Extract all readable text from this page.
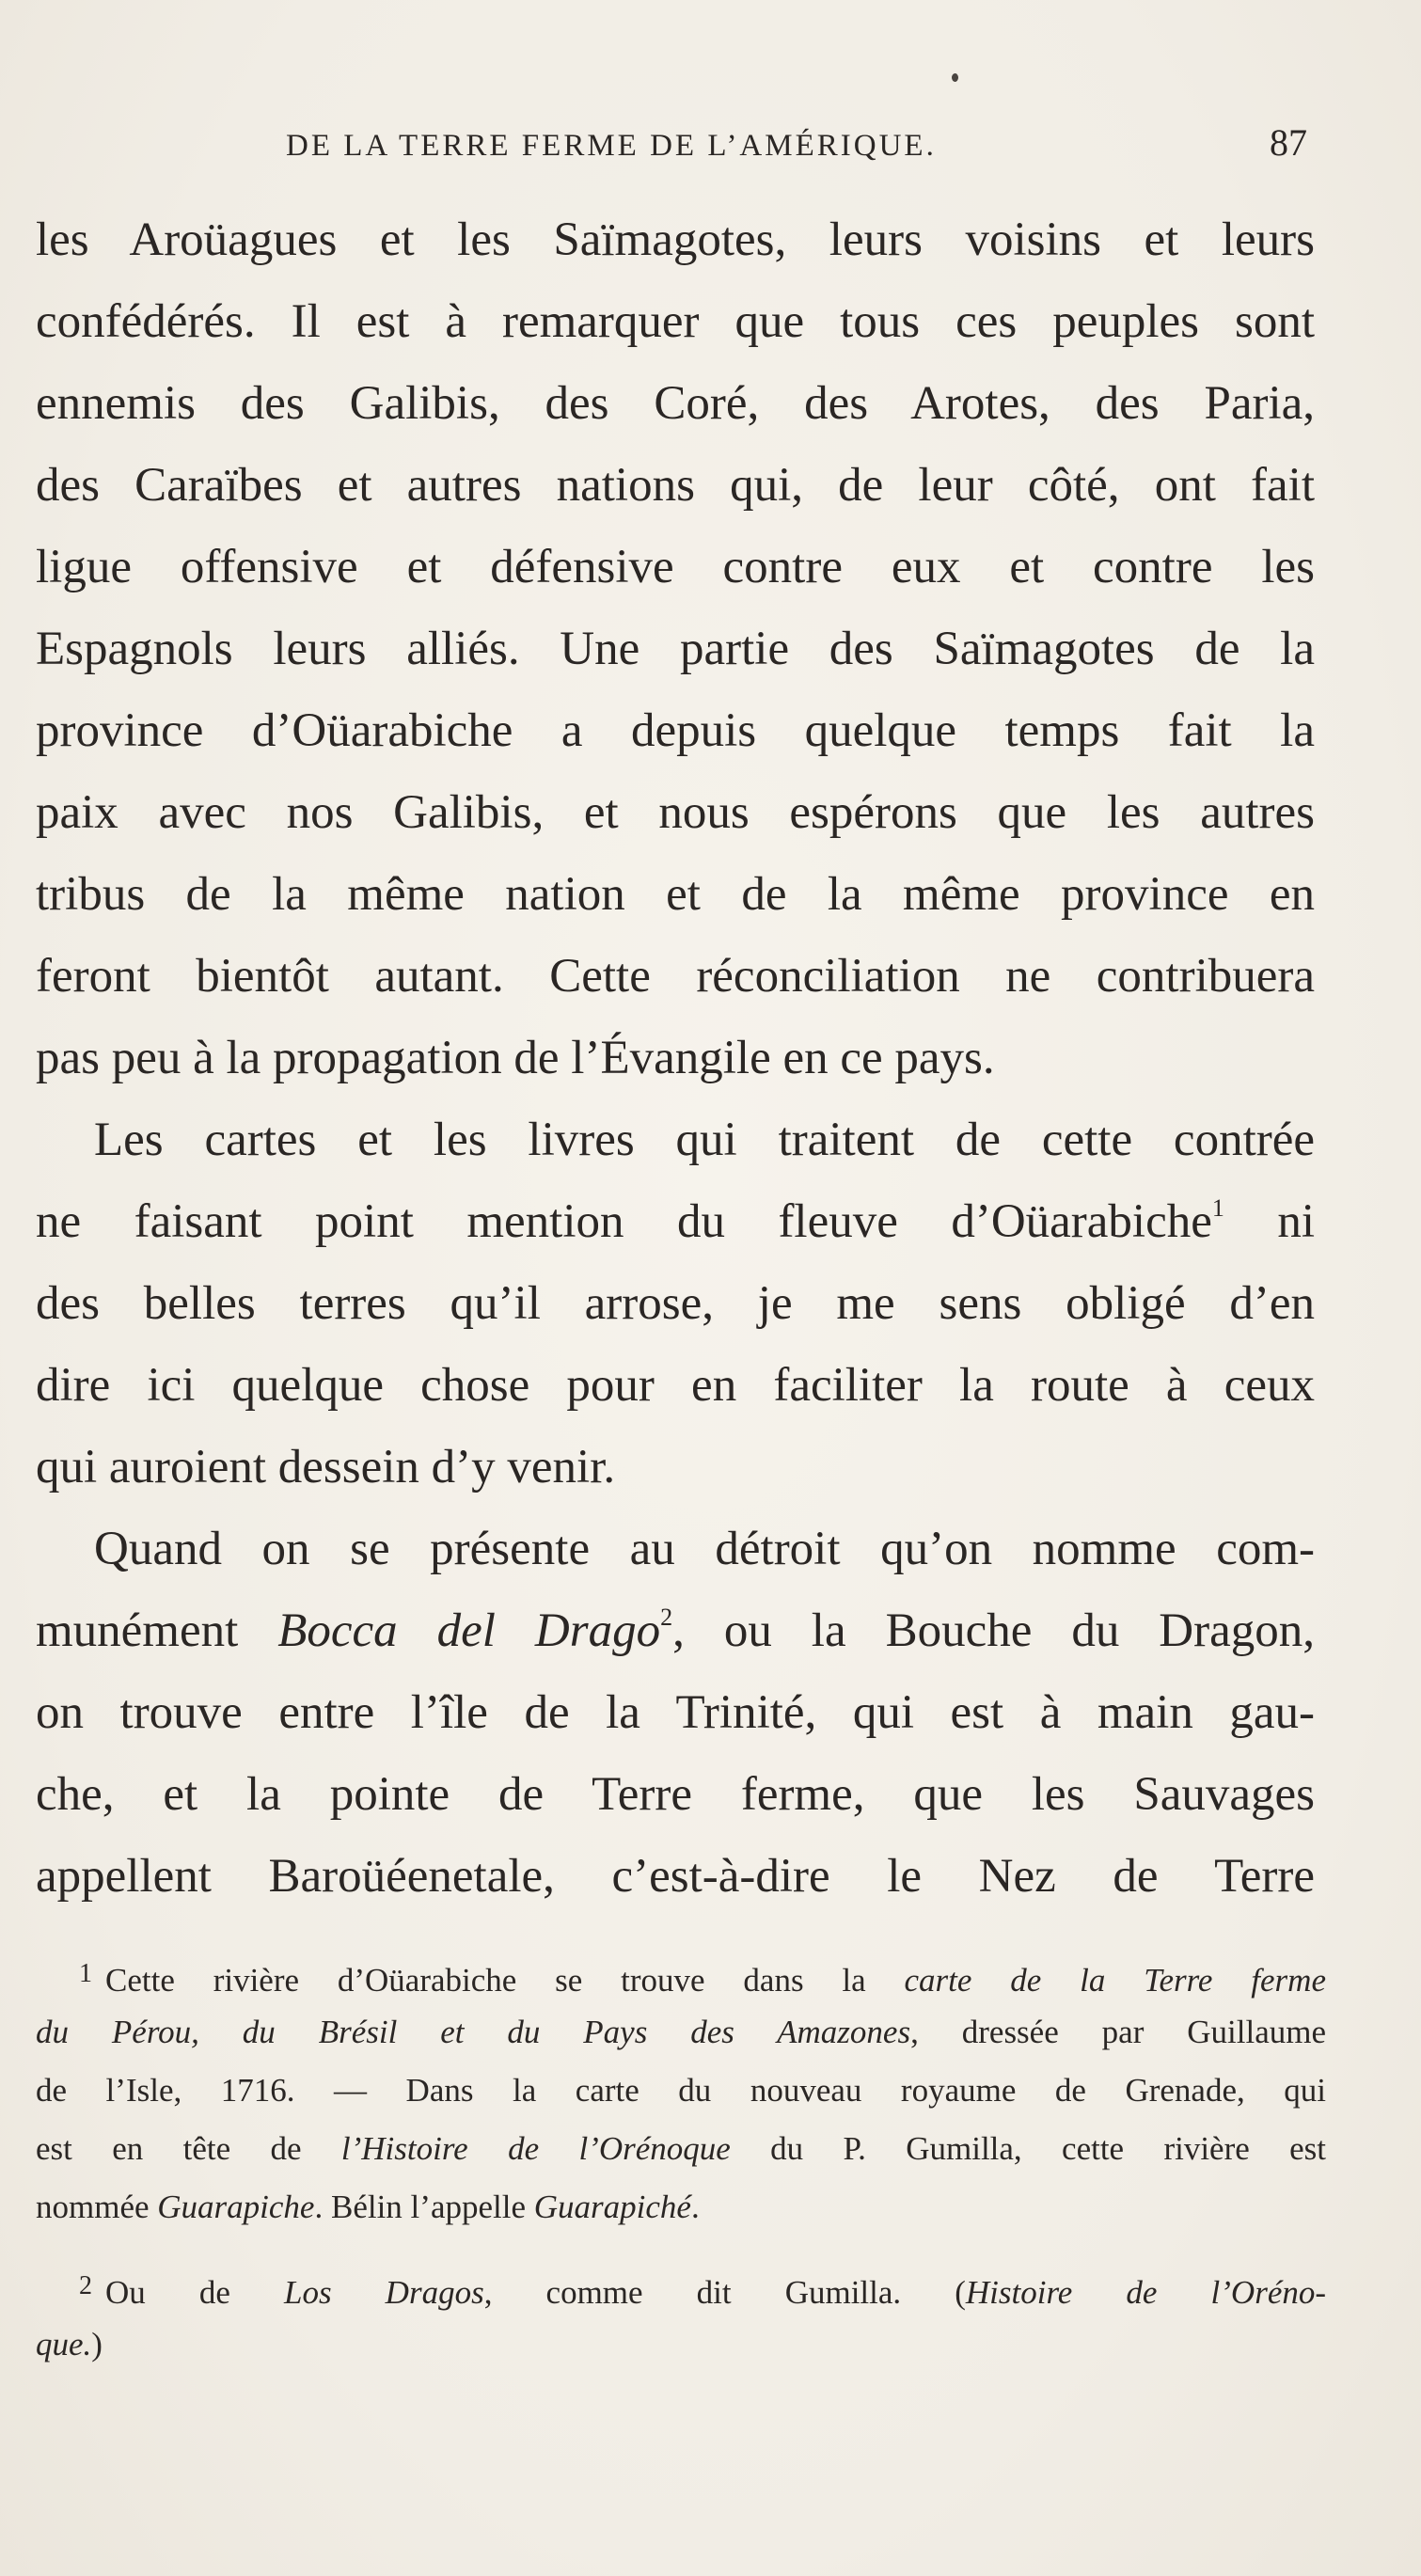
DE LA TERRE FERME DE L’AMÉRIQUE.	87
les Aroüagues et les Saïmagotes, leurs voisins et leurs
confédérés. Il est à remarquer que tous ces peuples sont
ennemis des Galibis, des Coré, des Arotes, des Paria,
des Caraïbes et autres nations qui, de leur côté, ont fait
ligue offensive et défensive contre eux et contre les
Espagnols leurs alliés. Une partie des Saïmagotes de la
province d’Oüarabiche a depuis quelque temps fait la
paix avec nos Galibis, et nous espérons que les autres
tribus de la même nation et de la même province en
feront bientôt autant. Cette réconciliation ne contribuera
pas peu à la propagation de l’Évangile en ce pays.
Les cartes et les livres qui traitent de cette contrée
ne faisant point mention du fleuve d’Oüarabiche$^1$ ni
des belles terres qu’il arrose, je me sens obligé d’en
dire ici quelque chose pour en faciliter la route à ceux
qui auroient dessein d’y venir.
Quand on se présente au détroit qu’on nomme com-
munément Bocca del Drago$^2$, ou la Bouche du Dragon,
on trouve entre l’île de la Trinité, qui est à main gau-
che, et la pointe de Terre ferme, que les Sauvages
appellent Baroüéenetale, c’est-à-dire le Nez de Terre
$^1$ Cette rivière d’Oüarabiche se trouve dans la carte de la Terre ferme
du Pérou, du Brésil et du Pays des Amazones, dressée par Guillaume
de l’Isle, 1716. — Dans la carte du nouveau royaume de Grenade, qui
est en tête de l’Histoire de l’Orénoque du P. Gumilla, cette rivière est
nommée Guarapiche. Bélin l’appelle Guarapiché.
$^2$ Ou de Los Dragos, comme dit Gumilla. (Histoire de l’Oréno-
que.)
